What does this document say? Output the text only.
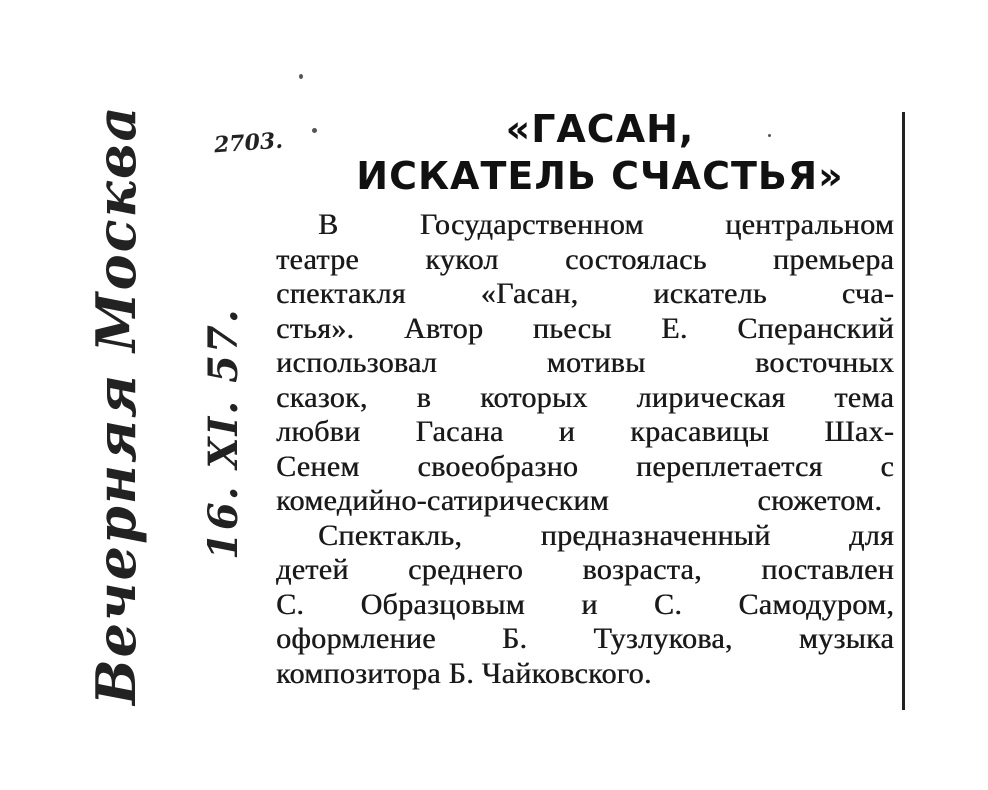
2703.
Вечерняя Москва 16. XI. 57.
«ГАСАН,
ИСКАТЕЛЬ СЧАСТЬЯ»
В Государственном центральном
театре кукол состоялась премьера
спектакля «Гасан, искатель сча-
стья». Автор пьесы Е. Сперанский
использовал мотивы восточных
сказок, в которых лирическая тема
любви Гасана и красавицы Шах-
Сенем своеобразно переплетается с
комедийно-сатирическим сюжетом.
Спектакль, предназначенный для
детей среднего возраста, поставлен
С. Образцовым и С. Самодуром,
оформление Б. Тузлукова, музыка
композитора Б. Чайковского.
